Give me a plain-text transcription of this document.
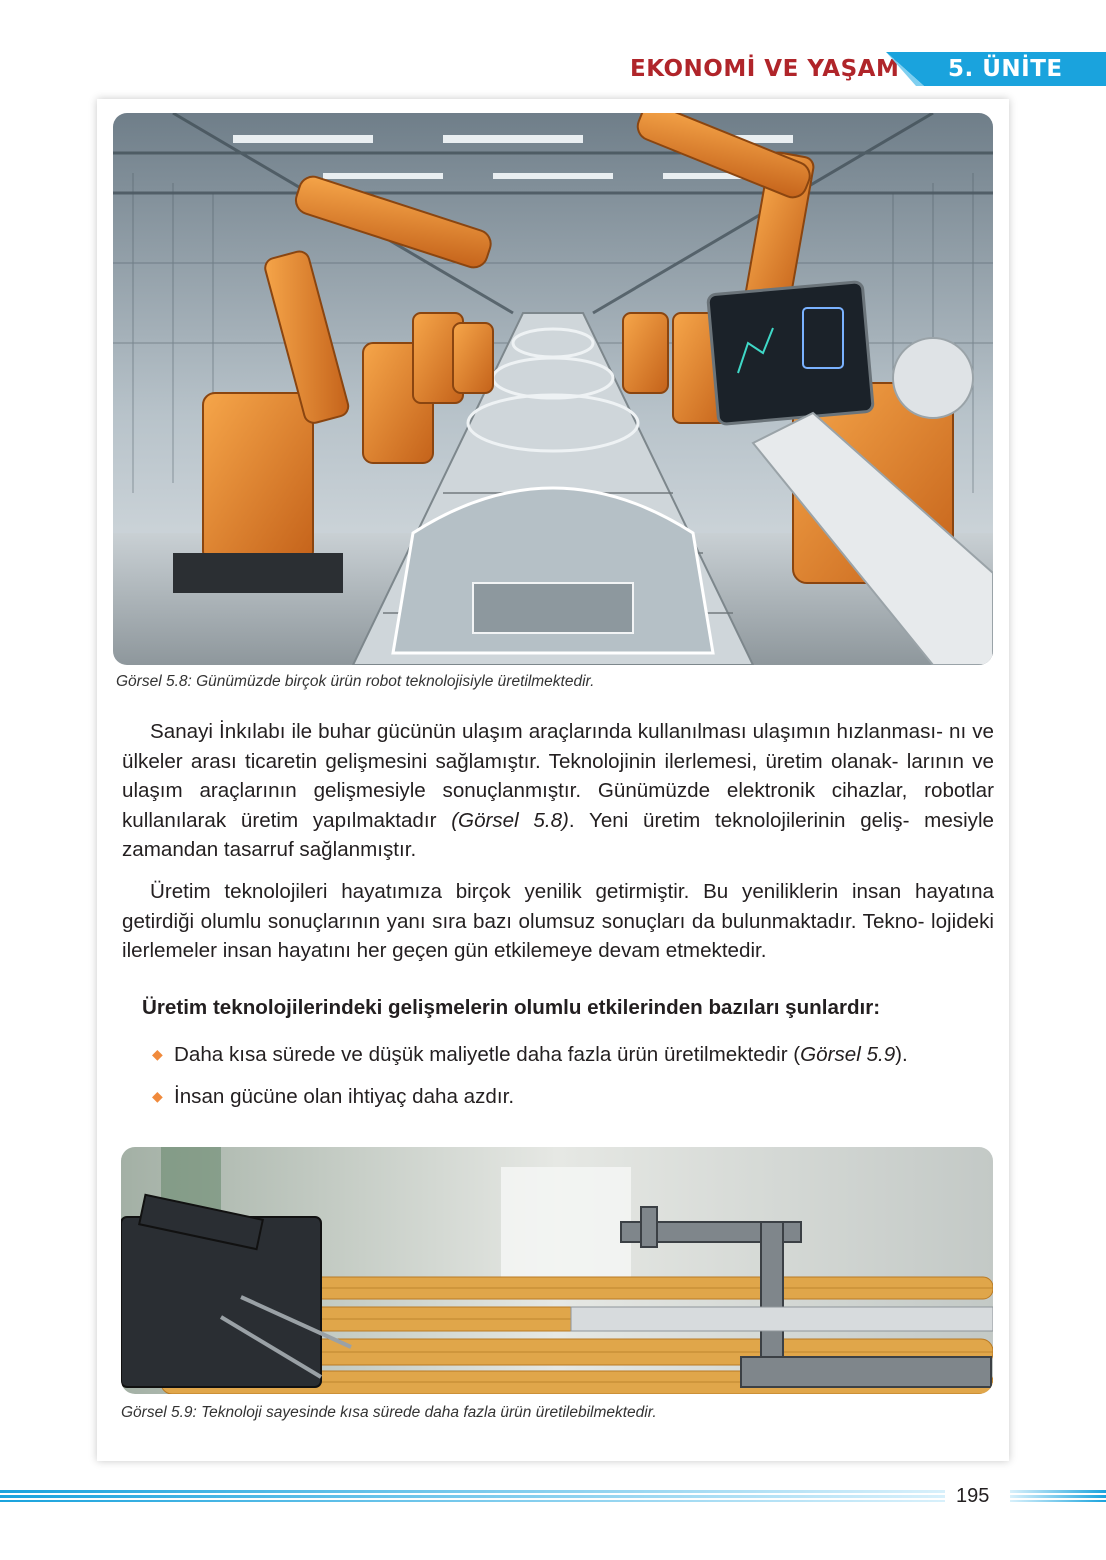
EKONOMİ VE YAŞAM 5. ÜNİTE
Görsel 5.8: Günümüzde birçok ürün robot teknolojisiyle üretilmektedir.
Sanayi İnkılabı ile buhar gücünün ulaşım araçlarında kullanılması ulaşımın hızlanması- nı ve ülkeler arası ticaretin gelişmesini sağlamıştır. Teknolojinin ilerlemesi, üretim olanak- larının ve ulaşım araçlarının gelişmesiyle sonuçlanmıştır. Günümüzde elektronik cihazlar, robotlar kullanılarak üretim yapılmaktadır (Görsel 5.8). Yeni üretim teknolojilerinin geliş- mesiyle zamandan tasarruf sağlanmıştır.
Üretim teknolojileri hayatımıza birçok yenilik getirmiştir. Bu yeniliklerin insan hayatına getirdiği olumlu sonuçlarının yanı sıra bazı olumsuz sonuçları da bulunmaktadır. Tekno- lojideki ilerlemeler insan hayatını her geçen gün etkilemeye devam etmektedir.
Üretim teknolojilerindeki gelişmelerin olumlu etkilerinden bazıları şunlardır:
◆ Daha kısa sürede ve düşük maliyetle daha fazla ürün üretilmektedir (Görsel 5.9).
◆ İnsan gücüne olan ihtiyaç daha azdır.
Görsel 5.9: Teknoloji sayesinde kısa sürede daha fazla ürün üretilebilmektedir.
195
